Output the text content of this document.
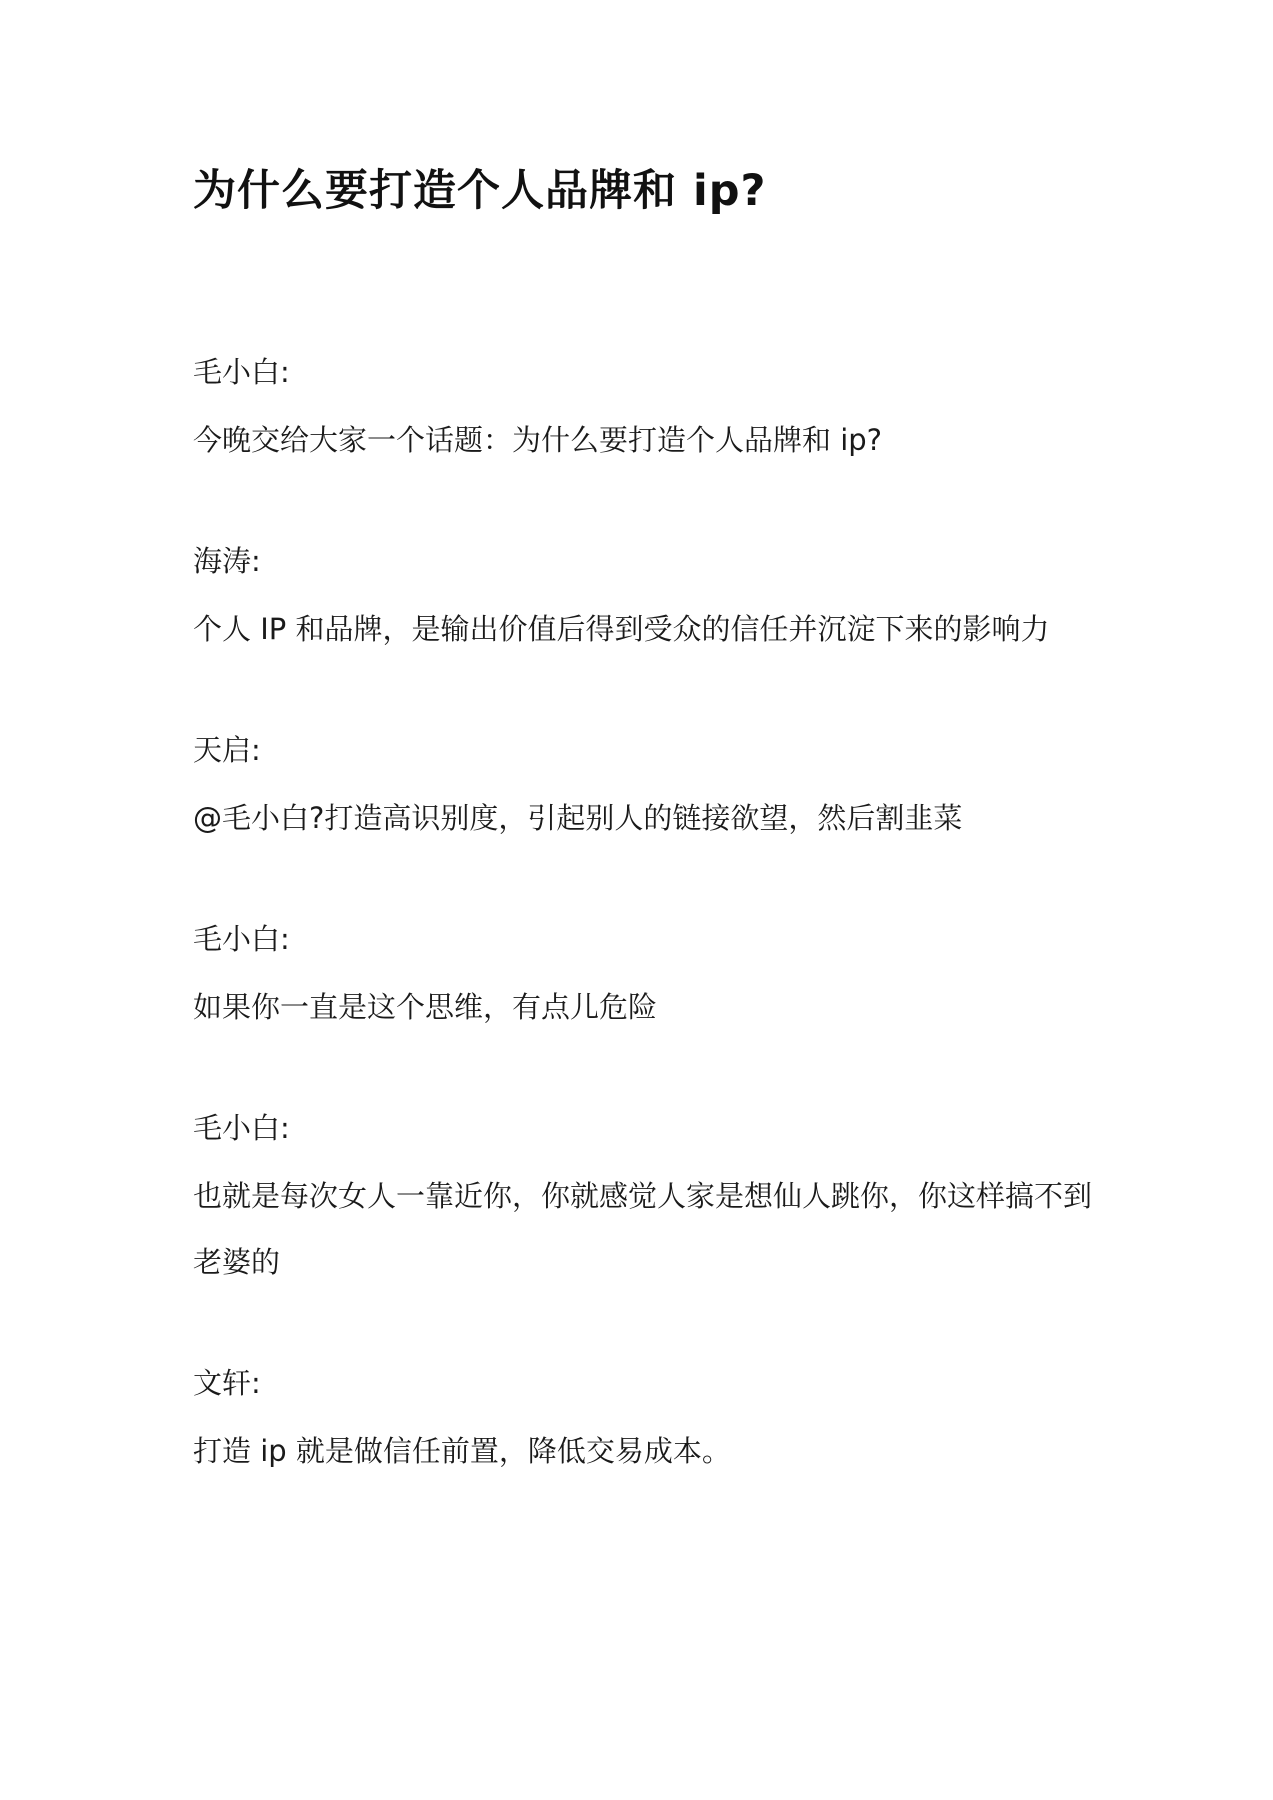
为什么要打造个人品牌和 ip?

毛小白:

今晚交给大家一个话题：为什么要打造个人品牌和 ip?

海涛:

个人 IP 和品牌，是输出价值后得到受众的信任并沉淀下来的影响力

天启:

@毛小白?打造高识别度，引起别人的链接欲望，然后割韭菜

毛小白:

如果你一直是这个思维，有点儿危险

毛小白:

也就是每次女人一靠近你，你就感觉人家是想仙人跳你，你这样搞不到老婆的

文轩:

打造 ip 就是做信任前置，降低交易成本。
